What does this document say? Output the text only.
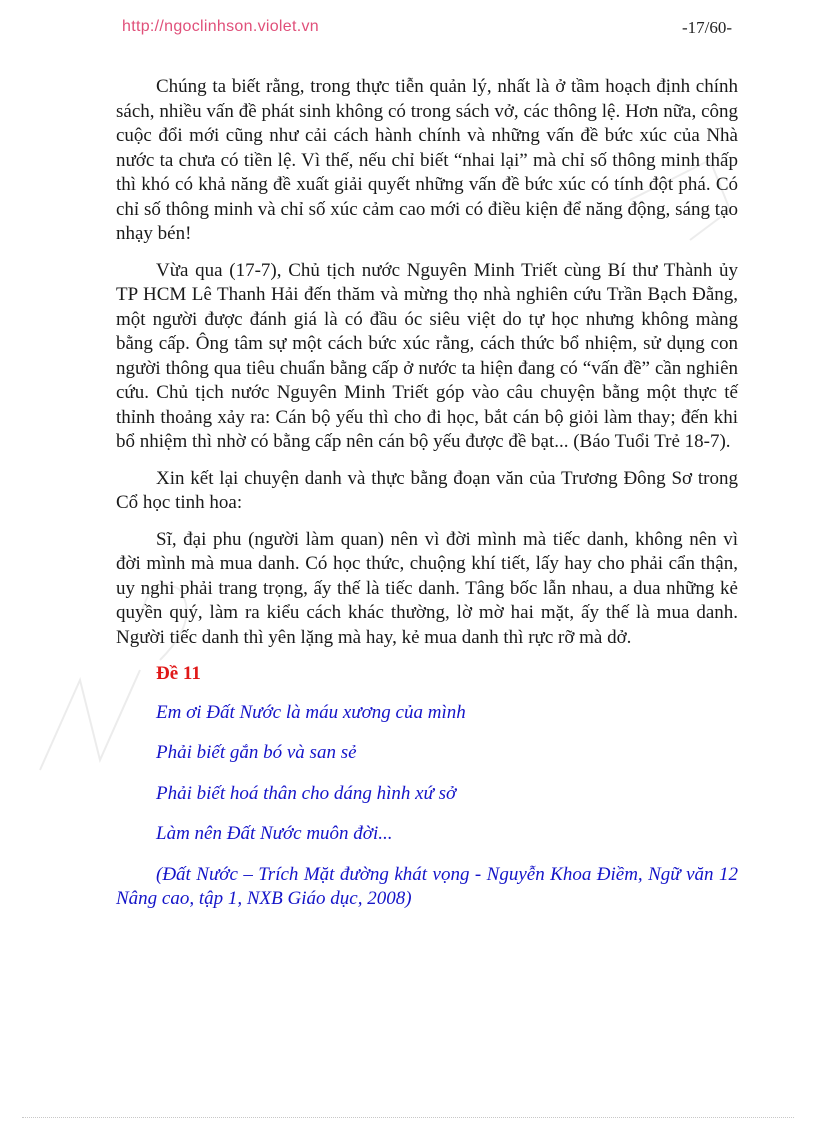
http://ngoclinhson.violet.vn	-17/60-

Chúng ta biết rằng, trong thực tiễn quản lý, nhất là ở tầm hoạch định chính sách, nhiều vấn đề phát sinh không có trong sách vở, các thông lệ. Hơn nữa, công cuộc đổi mới cũng như cải cách hành chính và những vấn đề bức xúc của Nhà nước ta chưa có tiền lệ. Vì thế, nếu chỉ biết “nhai lại” mà chỉ số thông minh thấp thì khó có khả năng đề xuất giải quyết những vấn đề bức xúc có tính đột phá. Có chỉ số thông minh và chỉ số xúc cảm cao mới có điều kiện để năng động, sáng tạo nhạy bén!

Vừa qua (17-7), Chủ tịch nước Nguyên Minh Triết cùng Bí thư Thành ủy TP HCM Lê Thanh Hải đến thăm và mừng thọ nhà nghiên cứu Trần Bạch Đằng, một người được đánh giá là có đầu óc siêu việt do tự học nhưng không màng bằng cấp. Ông tâm sự một cách bức xúc rằng, cách thức bổ nhiệm, sử dụng con người thông qua tiêu chuẩn bằng cấp ở nước ta hiện đang có “vấn đề” cần nghiên cứu. Chủ tịch nước Nguyên Minh Triết góp vào câu chuyện bằng một thực tế thỉnh thoảng xảy ra: Cán bộ yếu thì cho đi học, bắt cán bộ giỏi làm thay; đến khi bổ nhiệm thì nhờ có bằng cấp nên cán bộ yếu được đề bạt... (Báo Tuổi Trẻ 18-7).

Xin kết lại chuyện danh và thực bằng đoạn văn của Trương Đông Sơ trong Cổ học tinh hoa:

Sĩ, đại phu (người làm quan) nên vì đời mình mà tiếc danh, không nên vì đời mình mà mua danh. Có học thức, chuộng khí tiết, lấy hay cho phải cẩn thận, uy nghi phải trang trọng, ấy thế là tiếc danh. Tâng bốc lẫn nhau, a dua những kẻ quyền quý, làm ra kiểu cách khác thường, lờ mờ hai mặt, ấy thế là mua danh. Người tiếc danh thì yên lặng mà hay, kẻ mua danh thì rực rỡ mà dở.

Đề 11
Em ơi Đất Nước là máu xương của mình
Phải biết gắn bó và san sẻ
Phải biết hoá thân cho dáng hình xứ sở
Làm nên Đất Nước muôn đời...

(Đất Nước – Trích Mặt đường khát vọng - Nguyễn Khoa Điềm, Ngữ văn 12 Nâng cao, tập 1, NXB Giáo dục, 2008)
